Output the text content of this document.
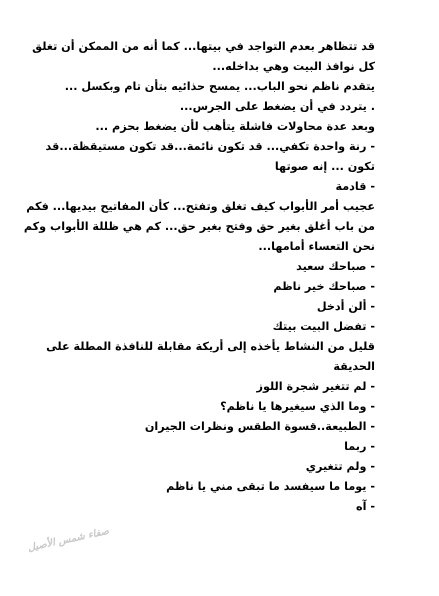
قد تتظاهر بعدم التواجد في بيتها... كما أنه من الممكن أن تغلق
كل نوافذ البيت وهي بداخله...
يتقدم ناظم نحو الباب... يمسح حذائيه بتأن تام وبكسل ...
. يتردد في أن يضغط على الجرس...
وبعد عدة محاولات فاشلة يتأهب لأن يضغط بحزم ...
- رنة واحدة تكفي... قد تكون نائمة...قد تكون مستيقظة...قد
تكون ... إنه صوتها
- قادمة
عجيب أمر الأبواب كيف تغلق وتفتح... كأن المفاتيح بيديها... فكم
من باب أغلق بغير حق وفتح بغير حق... كم هي ظللة الأبواب وكم
نحن التعساء أمامها...
- صباحك سعيد
- صباحك خير ناظم
- ألن أدخل
- تفضل البيت بيتك
قليل من النشاط يأخذه إلى أريكة مقابلة للنافذة المطلة على
الحديقة
- لم تتغير شجرة اللوز
- وما الذي سيغيرها يا ناظم؟
- الطبيعة..قسوة الطقس ونظرات الجيران
- ربما
- ولم تتغيري
- يوما ما سيفسد ما تبقى مني يا ناظم
- آه
صفاء شمس الأصيل
